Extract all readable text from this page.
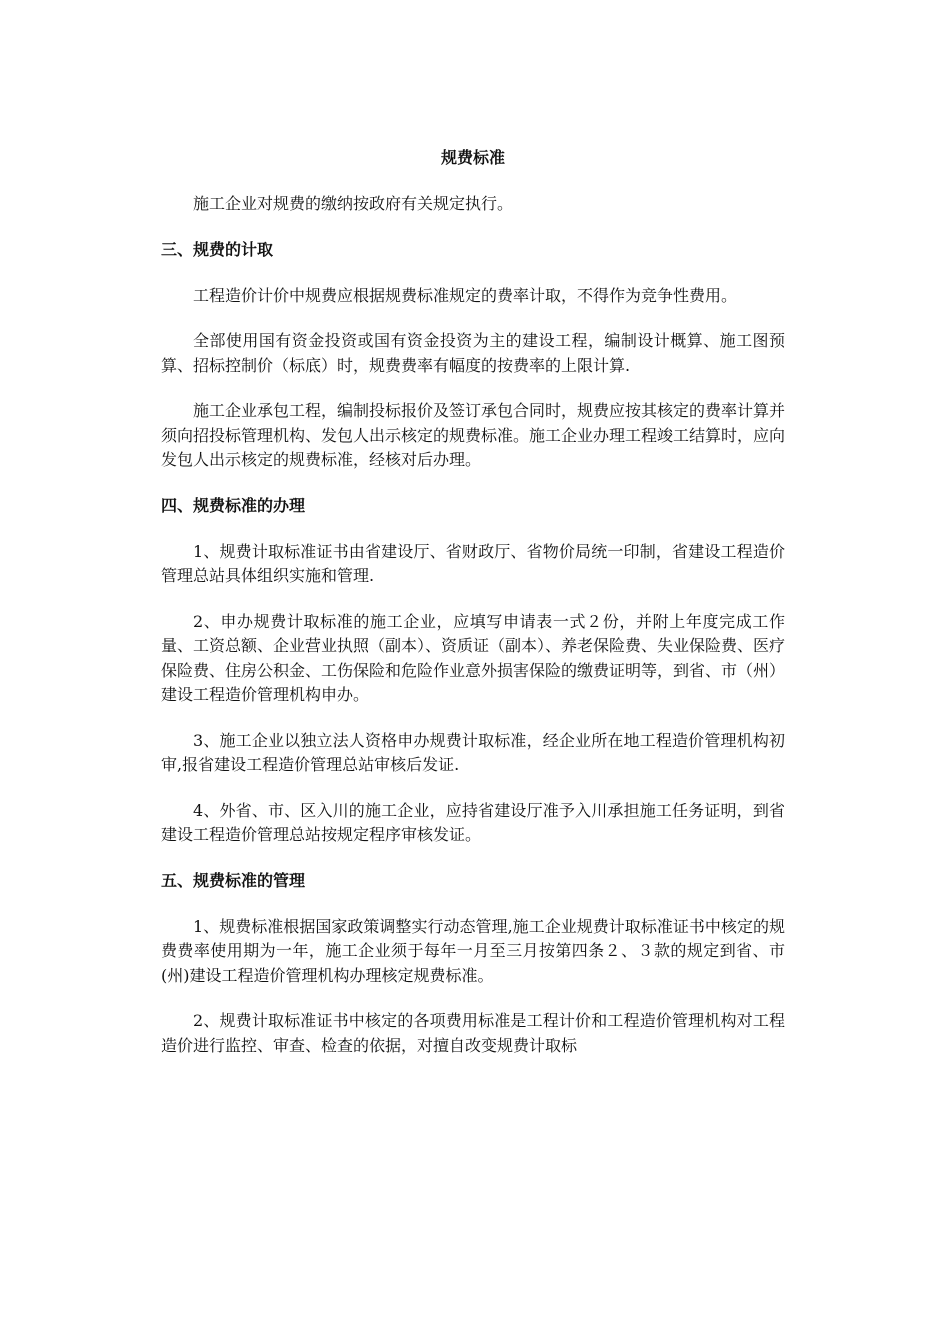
规费标准

施工企业对规费的缴纳按政府有关规定执行。

三、规费的计取

工程造价计价中规费应根据规费标准规定的费率计取，不得作为竞争性费用。

全部使用国有资金投资或国有资金投资为主的建设工程，编制设计概算、施工图预算、招标控制价（标底）时，规费费率有幅度的按费率的上限计算.

施工企业承包工程，编制投标报价及签订承包合同时，规费应按其核定的费率计算并须向招投标管理机构、发包人出示核定的规费标准。施工企业办理工程竣工结算时，应向发包人出示核定的规费标准，经核对后办理。

四、规费标准的办理

1、规费计取标准证书由省建设厅、省财政厅、省物价局统一印制，省建设工程造价管理总站具体组织实施和管理.

2、申办规费计取标准的施工企业，应填写申请表一式２份，并附上年度完成工作量、工资总额、企业营业执照（副本）、资质证（副本）、养老保险费、失业保险费、医疗保险费、住房公积金、工伤保险和危险作业意外损害保险的缴费证明等，到省、市（州）建设工程造价管理机构申办。

3、施工企业以独立法人资格申办规费计取标准，经企业所在地工程造价管理机构初审,报省建设工程造价管理总站审核后发证.

4、外省、市、区入川的施工企业，应持省建设厅准予入川承担施工任务证明，到省建设工程造价管理总站按规定程序审核发证。

五、规费标准的管理

1、规费标准根据国家政策调整实行动态管理,施工企业规费计取标准证书中核定的规费费率使用期为一年，施工企业须于每年一月至三月按第四条２、３款的规定到省、市(州)建设工程造价管理机构办理核定规费标准。

2、规费计取标准证书中核定的各项费用标准是工程计价和工程造价管理机构对工程造价进行监控、审查、检查的依据，对擅自改变规费计取标
